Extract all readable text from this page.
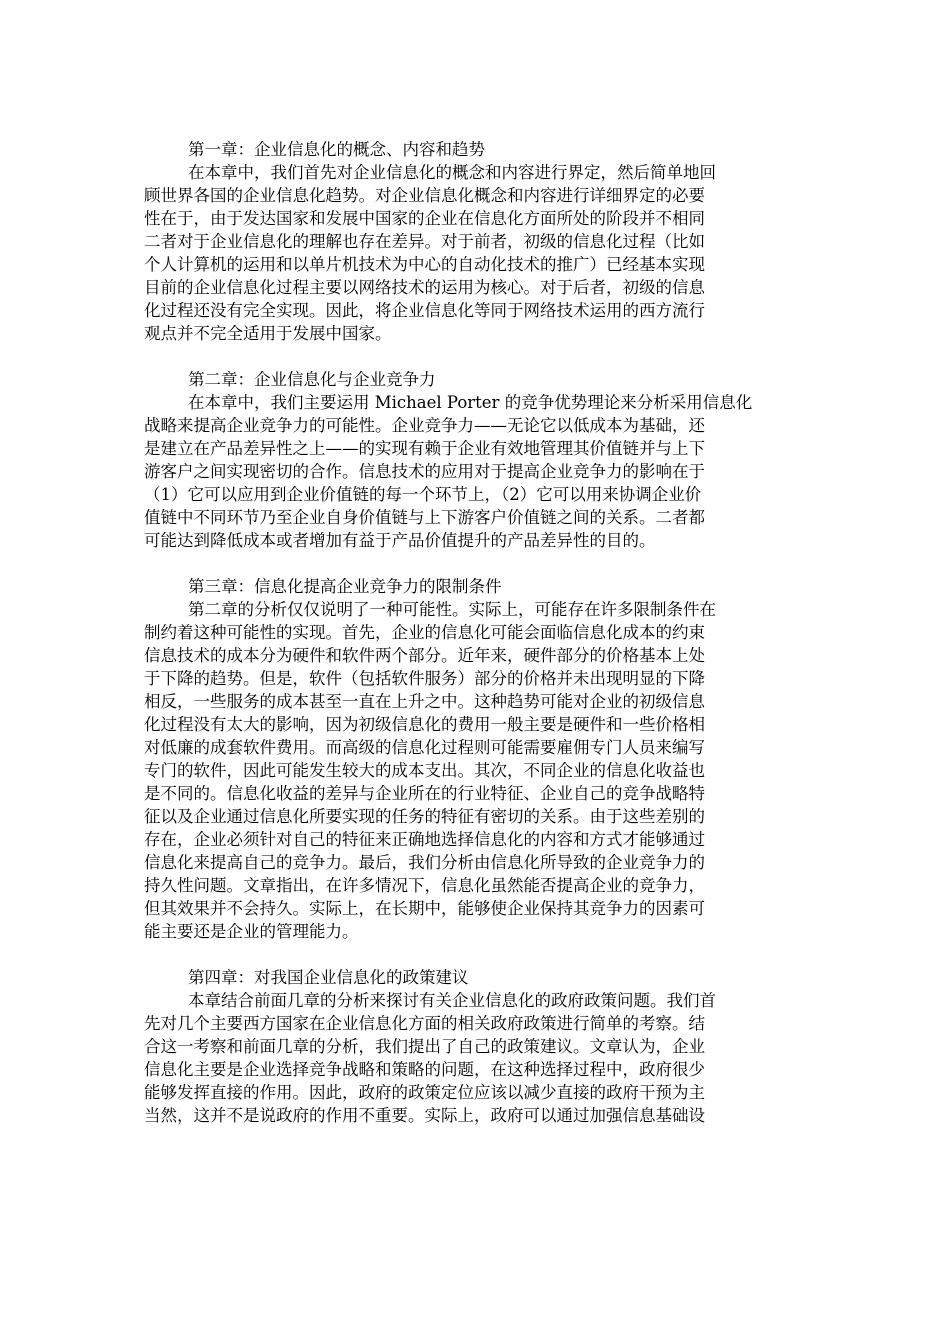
第一章：企业信息化的概念、内容和趋势
在本章中，我们首先对企业信息化的概念和内容进行界定，然后简单地回
顾世界各国的企业信息化趋势。对企业信息化概念和内容进行详细界定的必要
性在于，由于发达国家和发展中国家的企业在信息化方面所处的阶段并不相同
二者对于企业信息化的理解也存在差异。对于前者，初级的信息化过程（比如
个人计算机的运用和以单片机技术为中心的自动化技术的推广）已经基本实现
目前的企业信息化过程主要以网络技术的运用为核心。对于后者，初级的信息
化过程还没有完全实现。因此，将企业信息化等同于网络技术运用的西方流行
观点并不完全适用于发展中国家。
第二章：企业信息化与企业竞争力
在本章中，我们主要运用 Michael Porter 的竞争优势理论来分析采用信息化
战略来提高企业竞争力的可能性。企业竞争力——无论它以低成本为基础，还
是建立在产品差异性之上——的实现有赖于企业有效地管理其价值链并与上下
游客户之间实现密切的合作。信息技术的应用对于提高企业竞争力的影响在于
（1）它可以应用到企业价值链的每一个环节上，（2）它可以用来协调企业价
值链中不同环节乃至企业自身价值链与上下游客户价值链之间的关系。二者都
可能达到降低成本或者增加有益于产品价值提升的产品差异性的目的。
第三章：信息化提高企业竞争力的限制条件
第二章的分析仅仅说明了一种可能性。实际上，可能存在许多限制条件在
制约着这种可能性的实现。首先，企业的信息化可能会面临信息化成本的约束
信息技术的成本分为硬件和软件两个部分。近年来，硬件部分的价格基本上处
于下降的趋势。但是，软件（包括软件服务）部分的价格并未出现明显的下降
相反，一些服务的成本甚至一直在上升之中。这种趋势可能对企业的初级信息
化过程没有太大的影响，因为初级信息化的费用一般主要是硬件和一些价格相
对低廉的成套软件费用。而高级的信息化过程则可能需要雇佣专门人员来编写
专门的软件，因此可能发生较大的成本支出。其次，不同企业的信息化收益也
是不同的。信息化收益的差异与企业所在的行业特征、企业自己的竞争战略特
征以及企业通过信息化所要实现的任务的特征有密切的关系。由于这些差别的
存在，企业必须针对自己的特征来正确地选择信息化的内容和方式才能够通过
信息化来提高自己的竞争力。最后，我们分析由信息化所导致的企业竞争力的
持久性问题。文章指出，在许多情况下，信息化虽然能否提高企业的竞争力，
但其效果并不会持久。实际上，在长期中，能够使企业保持其竞争力的因素可
能主要还是企业的管理能力。
第四章：对我国企业信息化的政策建议
本章结合前面几章的分析来探讨有关企业信息化的政府政策问题。我们首
先对几个主要西方国家在企业信息化方面的相关政府政策进行简单的考察。结
合这一考察和前面几章的分析，我们提出了自己的政策建议。文章认为，企业
信息化主要是企业选择竞争战略和策略的问题，在这种选择过程中，政府很少
能够发挥直接的作用。因此，政府的政策定位应该以减少直接的政府干预为主
当然，这并不是说政府的作用不重要。实际上，政府可以通过加强信息基础设
